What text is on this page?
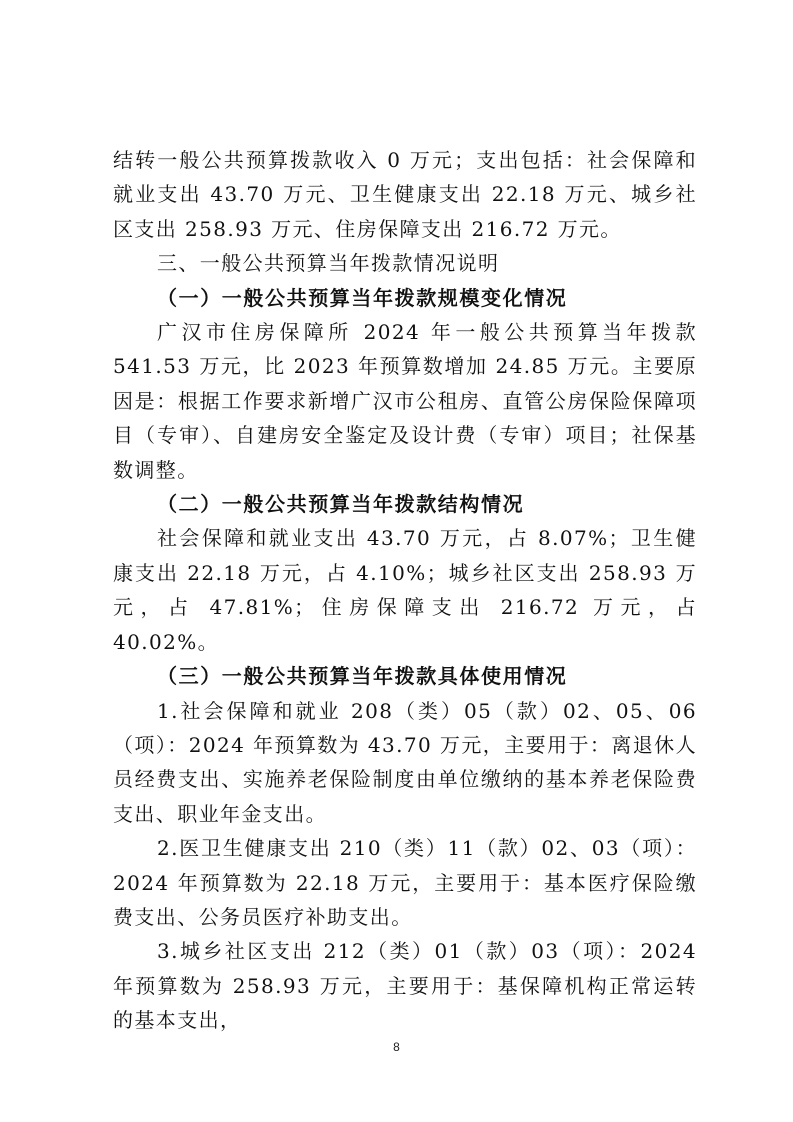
结转一般公共预算拨款收入 0 万元；支出包括：社会保障和就业支出 43.70 万元、卫生健康支出 22.18 万元、城乡社区支出 258.93 万元、住房保障支出 216.72 万元。

三、一般公共预算当年拨款情况说明

（一）一般公共预算当年拨款规模变化情况

广汉市住房保障所 2024 年一般公共预算当年拨款 541.53 万元，比 2023 年预算数增加 24.85 万元。主要原因是：根据工作要求新增广汉市公租房、直管公房保险保障项目（专审）、自建房安全鉴定及设计费（专审）项目；社保基数调整。

（二）一般公共预算当年拨款结构情况

社会保障和就业支出 43.70 万元，占 8.07%；卫生健康支出 22.18 万元，占 4.10%；城乡社区支出 258.93 万元，占 47.81%；住房保障支出 216.72 万元，占 40.02%。

（三）一般公共预算当年拨款具体使用情况

1.社会保障和就业 208（类）05（款）02、05、06（项）：2024 年预算数为 43.70 万元，主要用于：离退休人员经费支出、实施养老保险制度由单位缴纳的基本养老保险费支出、职业年金支出。

2.医卫生健康支出 210（类）11（款）02、03（项）：2024 年预算数为 22.18 万元，主要用于：基本医疗保险缴费支出、公务员医疗补助支出。

3.城乡社区支出 212（类）01（款）03（项）：2024 年预算数为 258.93 万元，主要用于：基保障机构正常运转的基本支出，

8
